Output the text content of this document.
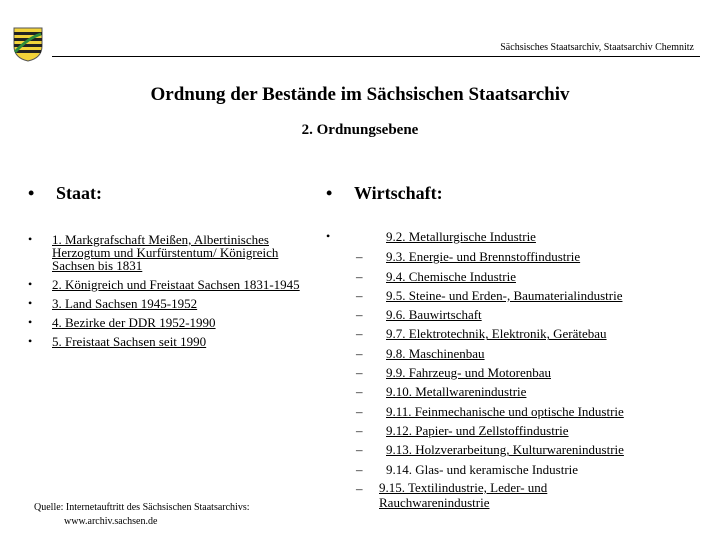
Sächsisches Staatsarchiv, Staatsarchiv Chemnitz
Ordnung der Bestände im Sächsischen Staatsarchiv
2. Ordnungsebene
•	Staat:	•	Wirtschaft:
•	1. Markgrafschaft Meißen, Albertinisches Herzogtum und Kurfürstentum/ Königreich Sachsen bis 1831
•	2. Königreich und Freistaat Sachsen 1831-1945
•	3. Land Sachsen 1945-1952
•	4. Bezirke der DDR 1952-1990
•	5. Freistaat Sachsen seit 1990
•	9.2. Metallurgische Industrie
–	9.3. Energie- und Brennstoffindustrie
–	9.4. Chemische Industrie
–	9.5. Steine- und Erden-, Baumaterialindustrie
–	9.6. Bauwirtschaft
–	9.7. Elektrotechnik, Elektronik, Gerätebau
–	9.8. Maschinenbau
–	9.9. Fahrzeug- und Motorenbau
–	9.10. Metallwarenindustrie
–	9.11. Feinmechanische und optische Industrie
–	9.12. Papier- und Zellstoffindustrie
–	9.13. Holzverarbeitung, Kulturwarenindustrie
–	9.14. Glas- und keramische Industrie
–	9.15. Textilindustrie, Leder- und Rauchwarenindustrie
Quelle: Internetauftritt des Sächsischen Staatsarchivs:
www.archiv.sachsen.de
